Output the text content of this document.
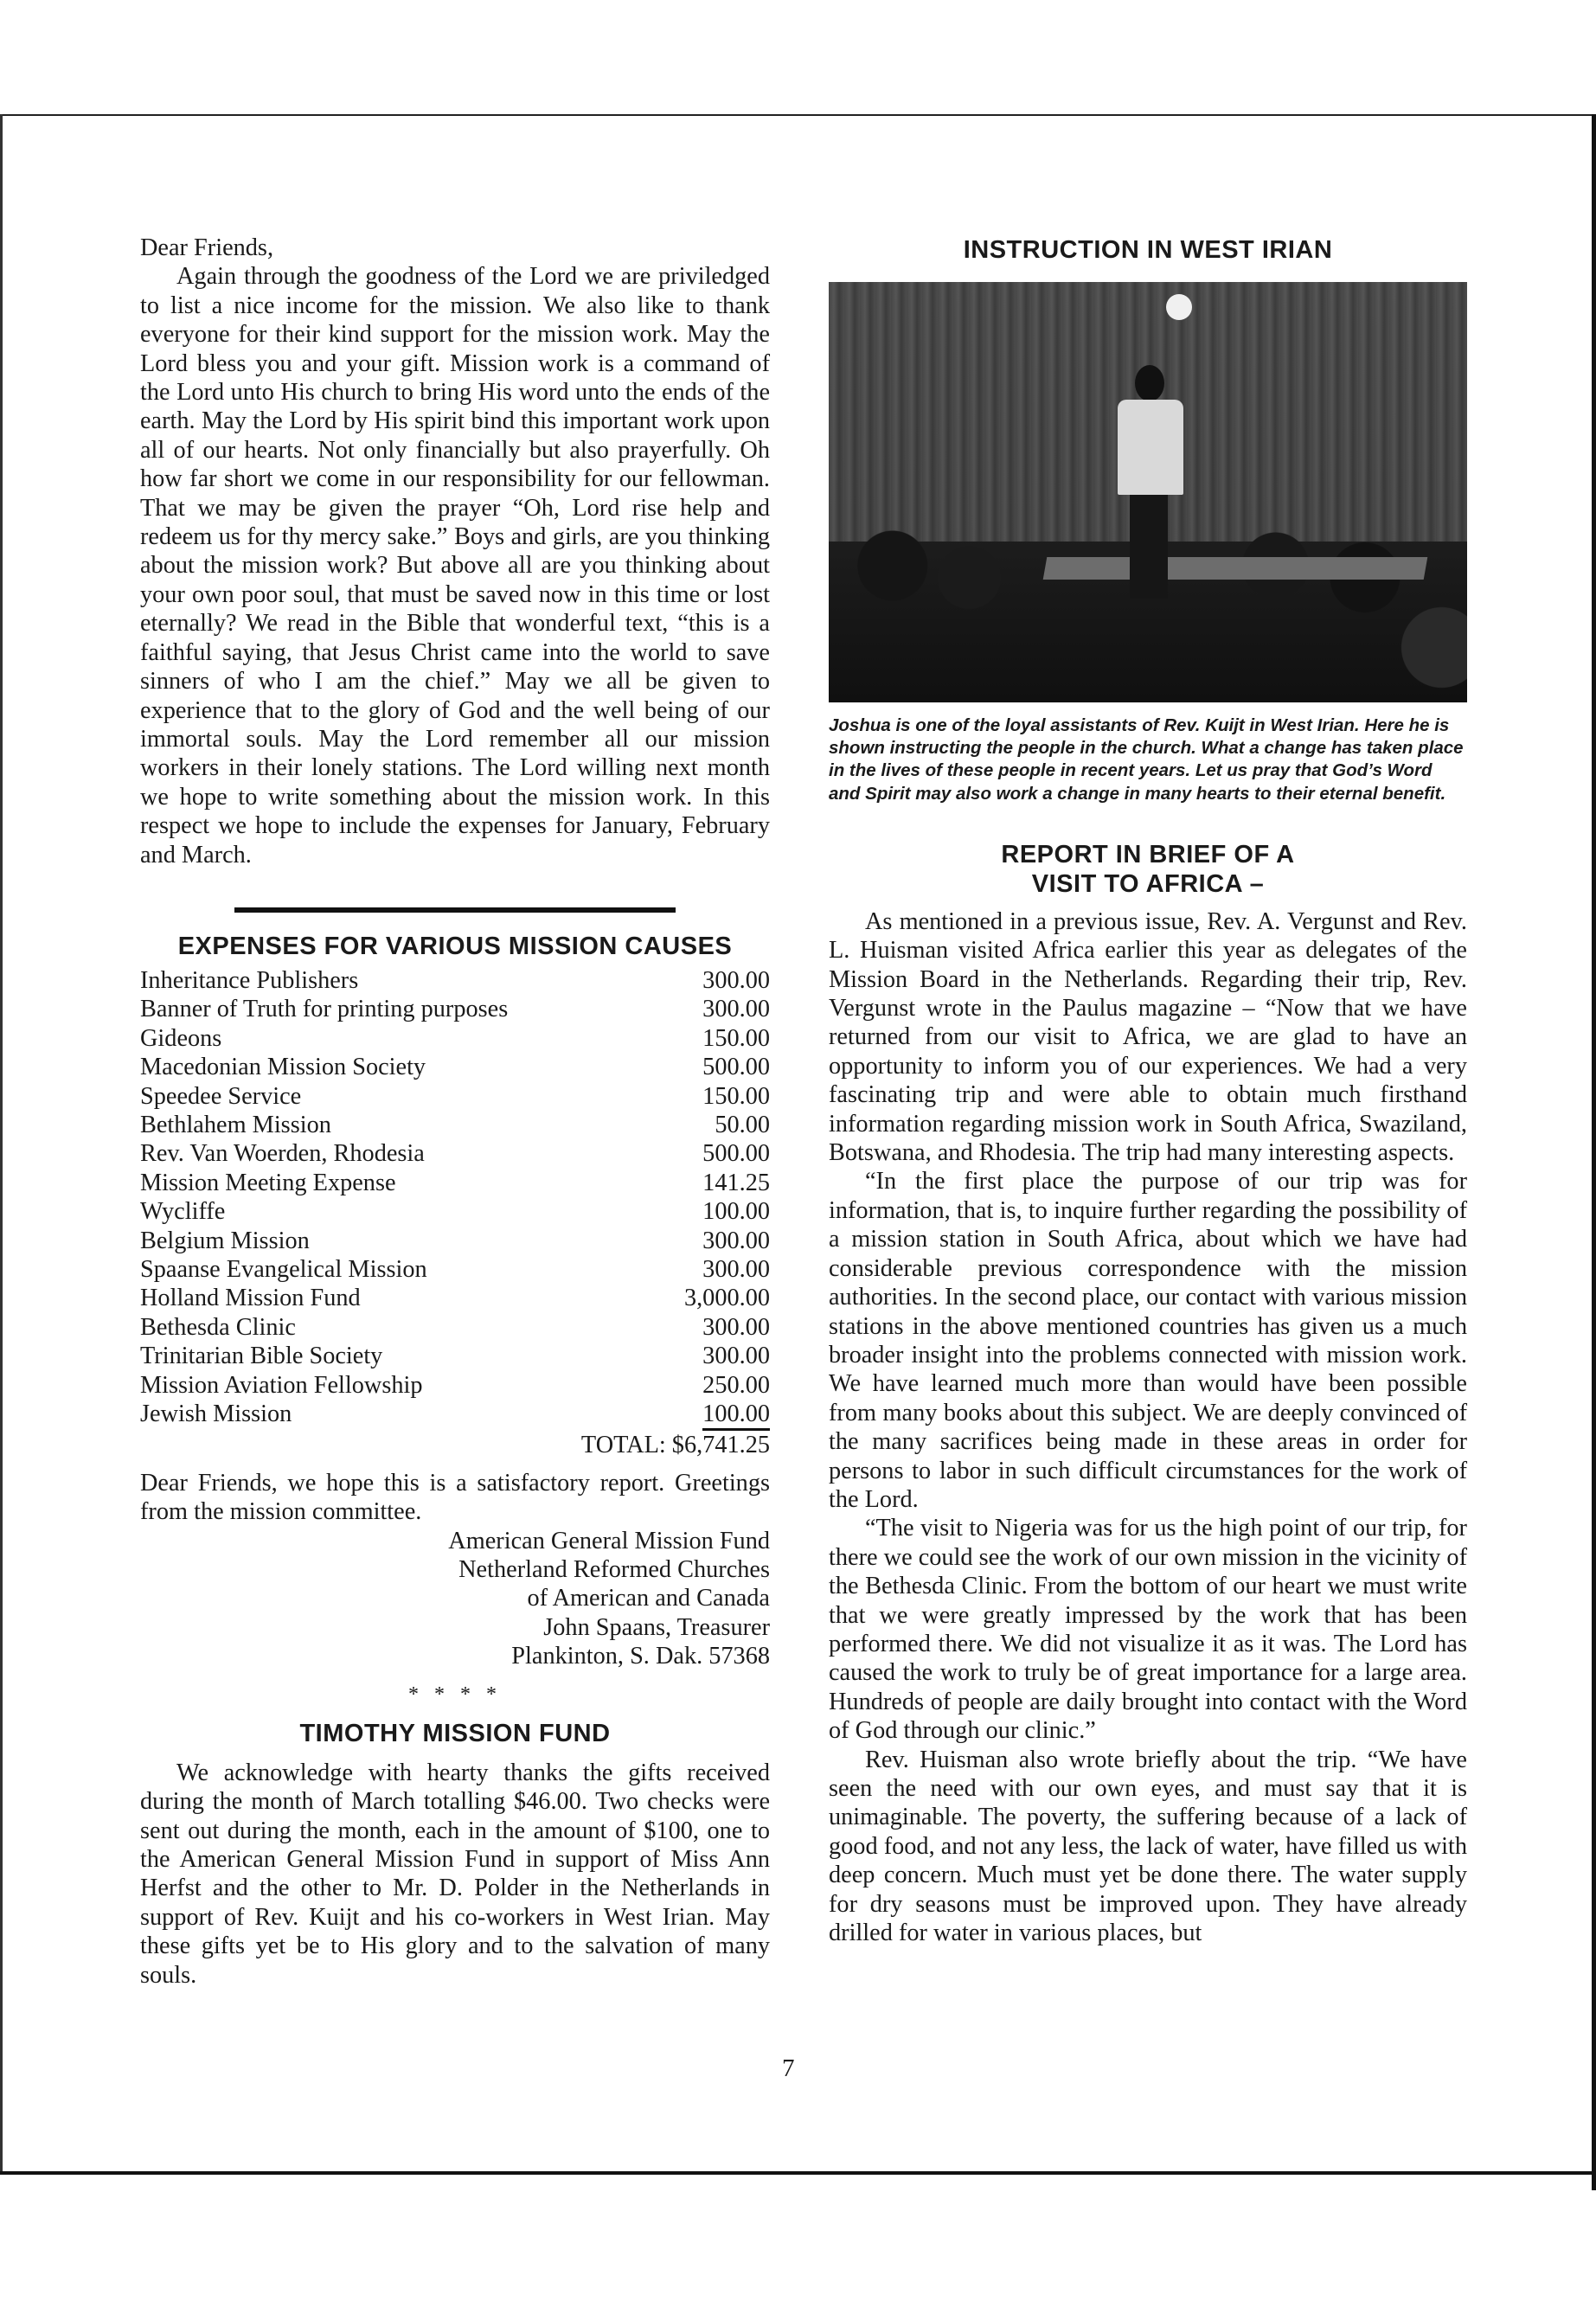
Dear Friends,

Again through the goodness of the Lord we are priviledged to list a nice income for the mission. We also like to thank everyone for their kind support for the mission work. May the Lord bless you and your gift. Mission work is a command of the Lord unto His church to bring His word unto the ends of the earth. May the Lord by His spirit bind this important work upon all of our hearts. Not only financially but also prayerfully. Oh how far short we come in our responsibility for our fellowman. That we may be given the prayer “Oh, Lord rise help and redeem us for thy mercy sake.” Boys and girls, are you thinking about the mission work? But above all are you thinking about your own poor soul, that must be saved now in this time or lost eternally? We read in the Bible that wonderful text, “this is a faithful saying, that Jesus Christ came into the world to save sinners of who I am the chief.” May we all be given to experience that to the glory of God and the well being of our immortal souls. May the Lord remember all our mission workers in their lonely stations. The Lord willing next month we hope to write something about the mission work. In this respect we hope to include the expenses for January, February and March.

EXPENSES FOR VARIOUS MISSION CAUSES
Inheritance Publishers	300.00
Banner of Truth for printing purposes	300.00
Gideons	150.00
Macedonian Mission Society	500.00
Speedee Service	150.00
Bethlahem Mission	50.00
Rev. Van Woerden, Rhodesia	500.00
Mission Meeting Expense	141.25
Wycliffe	100.00
Belgium Mission	300.00
Spaanse Evangelical Mission	300.00
Holland Mission Fund	3,000.00
Bethesda Clinic	300.00
Trinitarian Bible Society	300.00
Mission Aviation Fellowship	250.00
Jewish Mission	100.00
TOTAL: $6,741.25

Dear Friends, we hope this is a satisfactory report. Greetings from the mission committee.

American General Mission Fund
Netherland Reformed Churches
of American and Canada
John Spaans, Treasurer
Plankinton, S. Dak. 57368

* * * *
TIMOTHY MISSION FUND

We acknowledge with hearty thanks the gifts received during the month of March totalling $46.00. Two checks were sent out during the month, each in the amount of $100, one to the American General Mission Fund in support of Miss Ann Herfst and the other to Mr. D. Polder in the Netherlands in support of Rev. Kuijt and his co-workers in West Irian. May these gifts yet be to His glory and to the salvation of many souls.

INSTRUCTION IN WEST IRIAN

Joshua is one of the loyal assistants of Rev. Kuijt in West Irian. Here he is shown instructing the people in the church. What a change has taken place in the lives of these people in recent years. Let us pray that God’s Word and Spirit may also work a change in many hearts to their eternal benefit.

REPORT IN BRIEF OF A
VISIT TO AFRICA –

As mentioned in a previous issue, Rev. A. Vergunst and Rev. L. Huisman visited Africa earlier this year as delegates of the Mission Board in the Netherlands. Regarding their trip, Rev. Vergunst wrote in the Paulus magazine – “Now that we have returned from our visit to Africa, we are glad to have an opportunity to inform you of our experiences. We had a very fascinating trip and were able to obtain much firsthand information regarding mission work in South Africa, Swaziland, Botswana, and Rhodesia. The trip had many interesting aspects.

“In the first place the purpose of our trip was for information, that is, to inquire further regarding the possibility of a mission station in South Africa, about which we have had considerable previous correspondence with the mission authorities. In the second place, our contact with various mission stations in the above mentioned countries has given us a much broader insight into the problems connected with mission work. We have learned much more than would have been possible from many books about this subject. We are deeply convinced of the many sacrifices being made in these areas in order for persons to labor in such difficult circumstances for the work of the Lord.

“The visit to Nigeria was for us the high point of our trip, for there we could see the work of our own mission in the vicinity of the Bethesda Clinic. From the bottom of our heart we must write that we were greatly impressed by the work that has been performed there. We did not visualize it as it was. The Lord has caused the work to truly be of great importance for a large area. Hundreds of people are daily brought into contact with the Word of God through our clinic.”

Rev. Huisman also wrote briefly about the trip. “We have seen the need with our own eyes, and must say that it is unimaginable. The poverty, the suffering because of a lack of good food, and not any less, the lack of water, have filled us with deep concern. Much must yet be done there. The water supply for dry seasons must be improved upon. They have already drilled for water in various places, but

7
